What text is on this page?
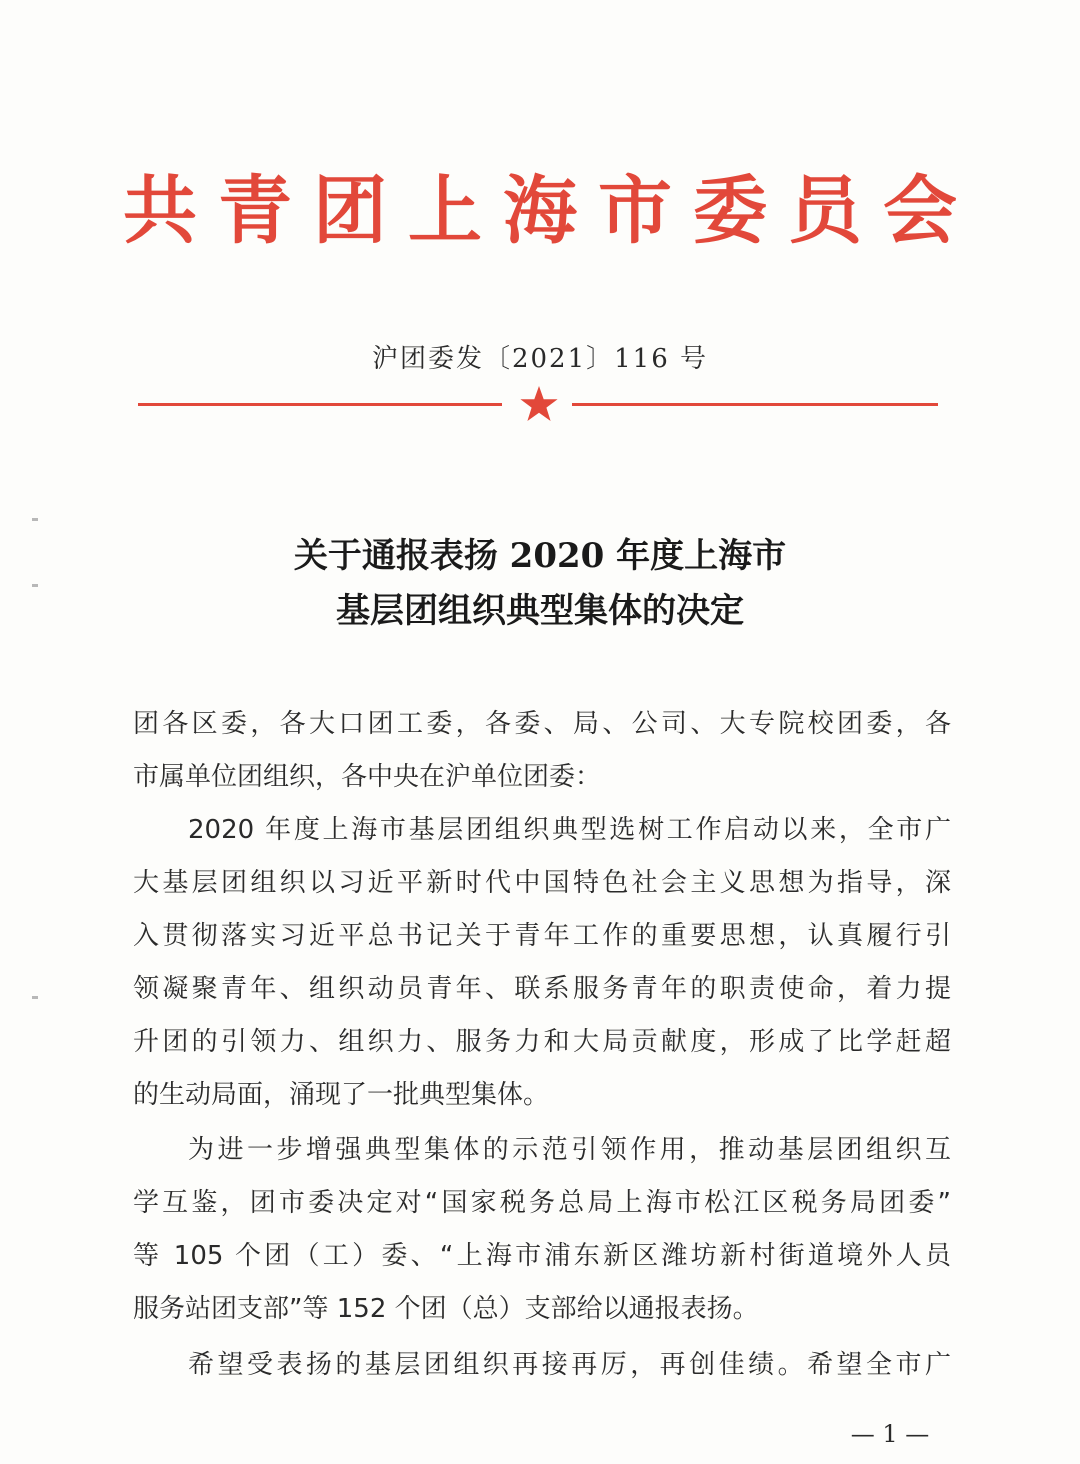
共 青 团 上 海 市 委 员 会
沪团委发〔2021〕116 号
关于通报表扬 2020 年度上海市
基层团组织典型集体的决定
团各区委，各大口团工委，各委、局、公司、大专院校团委，各
市属单位团组织，各中央在沪单位团委：
2020 年度上海市基层团组织典型选树工作启动以来，全市广
大基层团组织以习近平新时代中国特色社会主义思想为指导，深
入贯彻落实习近平总书记关于青年工作的重要思想，认真履行引
领凝聚青年、组织动员青年、联系服务青年的职责使命，着力提
升团的引领力、组织力、服务力和大局贡献度，形成了比学赶超
的生动局面，涌现了一批典型集体。
为进一步增强典型集体的示范引领作用，推动基层团组织互
学互鉴，团市委决定对“国家税务总局上海市松江区税务局团委”
等 105 个团（工）委、“上海市浦东新区潍坊新村街道境外人员
服务站团支部”等 152 个团（总）支部给以通报表扬。
希望受表扬的基层团组织再接再厉，再创佳绩。希望全市广
— 1 —
